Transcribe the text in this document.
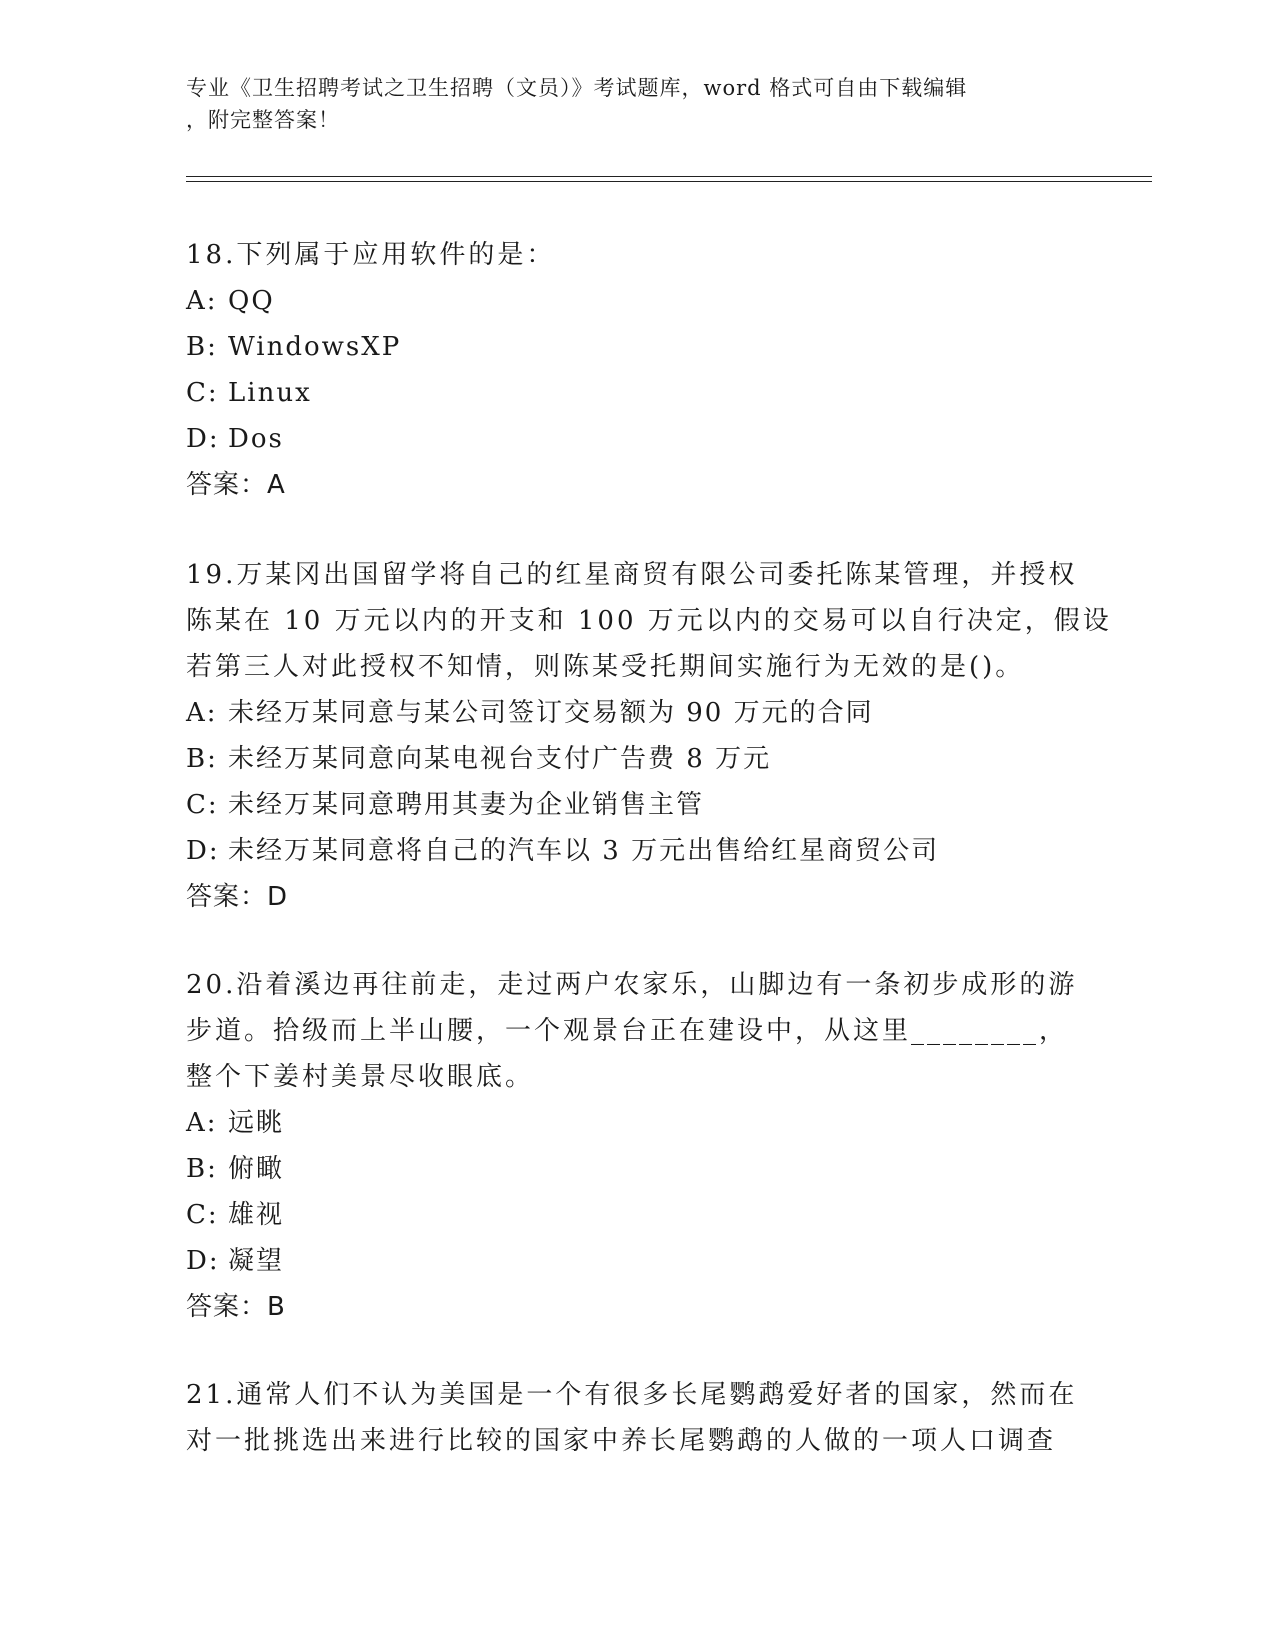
专业《卫生招聘考试之卫生招聘（文员）》考试题库，word 格式可自由下载编辑
，附完整答案！
18.下列属于应用软件的是：
A: QQ
B: WindowsXP
C: Linux
D: Dos
答案：A
19.万某冈出国留学将自己的红星商贸有限公司委托陈某管理，并授权
陈某在 10 万元以内的开支和 100 万元以内的交易可以自行决定，假设
若第三人对此授权不知情，则陈某受托期间实施行为无效的是()。
A: 未经万某同意与某公司签订交易额为 90 万元的合同
B: 未经万某同意向某电视台支付广告费 8 万元
C: 未经万某同意聘用其妻为企业销售主管
D: 未经万某同意将自己的汽车以 3 万元出售给红星商贸公司
答案：D
20.沿着溪边再往前走，走过两户农家乐，山脚边有一条初步成形的游
步道。拾级而上半山腰，一个观景台正在建设中，从这里________，
整个下姜村美景尽收眼底。
A: 远眺
B: 俯瞰
C: 雄视
D: 凝望
答案：B
21.通常人们不认为美国是一个有很多长尾鹦鹉爱好者的国家，然而在
对一批挑选出来进行比较的国家中养长尾鹦鹉的人做的一项人口调查
